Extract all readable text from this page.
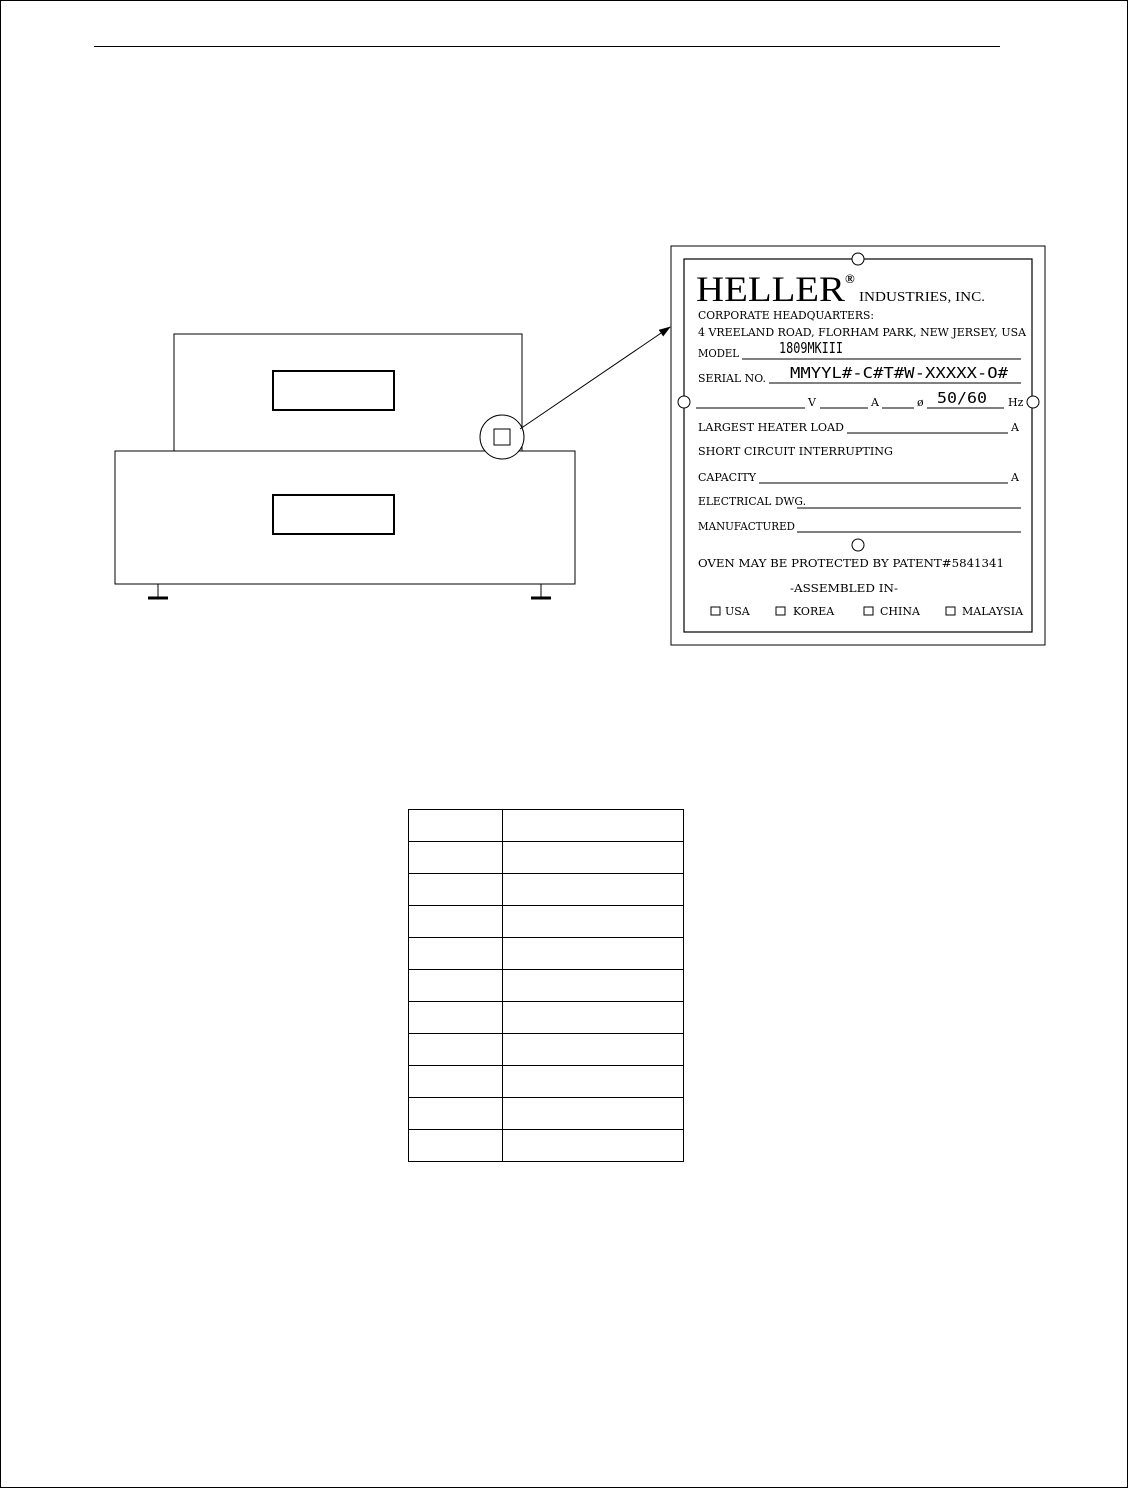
HELLER ®
INDUSTRIES, INC.
CORPORATE HEADQUARTERS:
4 VREELAND ROAD, FLORHAM PARK, NEW JERSEY, USA
MODEL	1809MKIII
SERIAL NO. MMYYL#-C#T#W-XXXXX-O#
V	A	ø 50/60 Hz
LARGEST HEATER LOAD	A
SHORT CIRCUIT INTERRUPTING
CAPACITY	A
ELECTRICAL DWG.
MANUFACTURED
OVEN MAY BE PROTECTED BY PATENT#5841341
-ASSEMBLED IN-
USA	KOREA	CHINA	MALAYSIA
